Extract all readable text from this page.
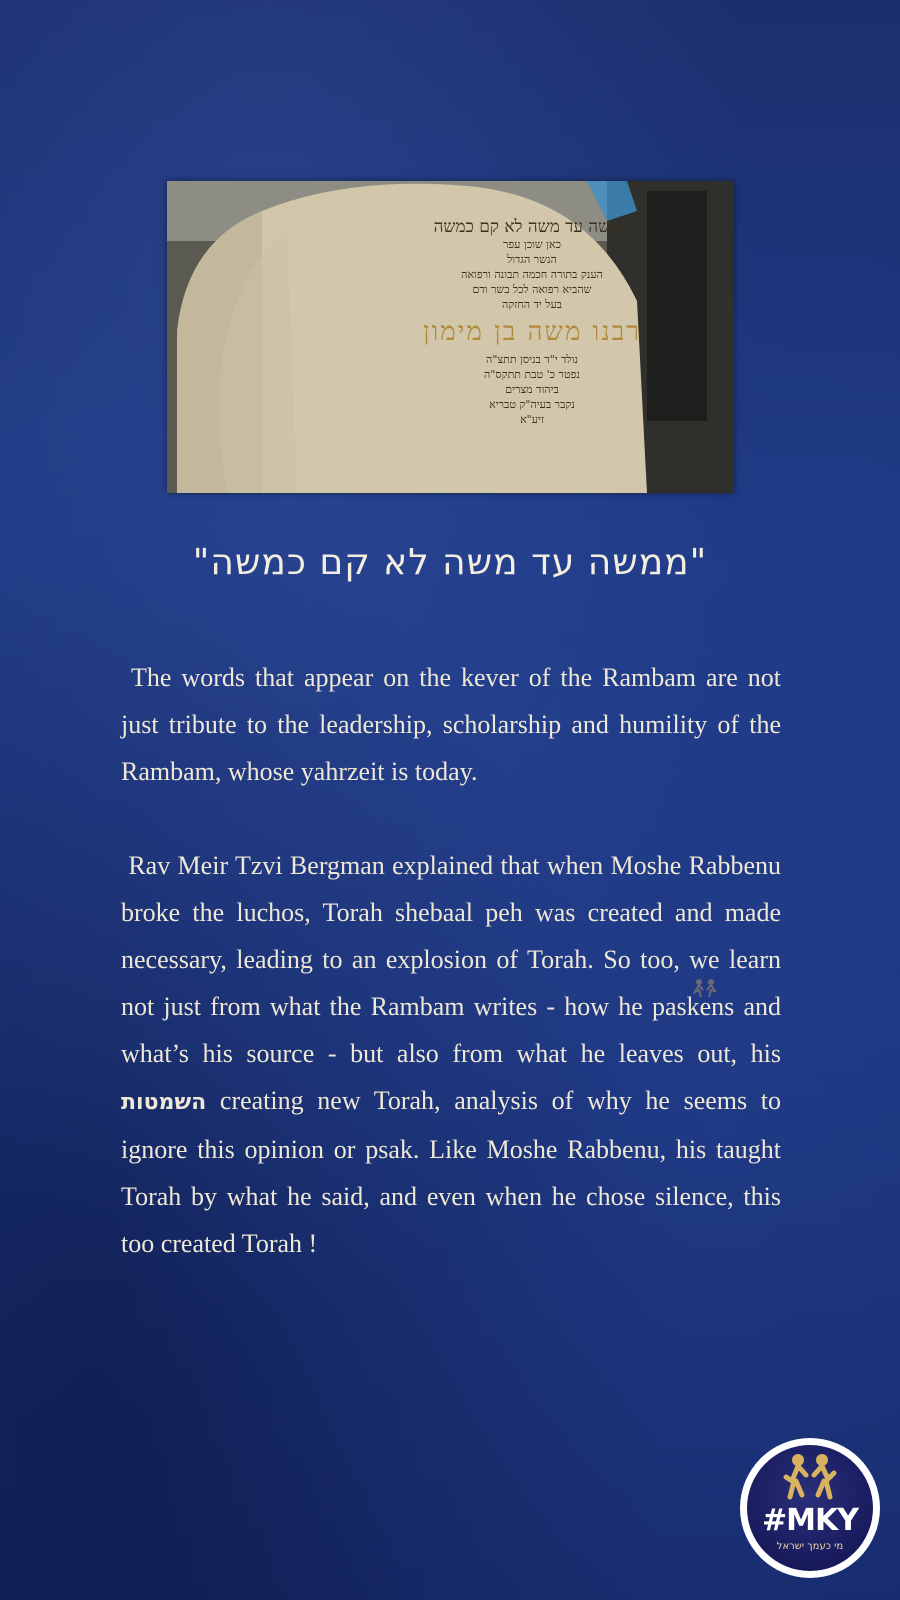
ממשה עד משה לא קם כמשה
כאן שוכן עפר
הנשר הגדול
הענק בתורה חכמה תבונה ורפואה
שהביא רפואה לכל בשר ודם
בעל יד החזקה
רבנו משה בן מימון
נולד י"ד בניסן תתצ"ה
נפטר כ' טבת תתקס"ה
ביהוד מצרים
נקבר בעיה"ק טבריא
זיע"א
"ממשה עד משה לא קם כמשה"

The words that appear on the kever of the Rambam are not just tribute to the leadership, scholarship and humility of the Rambam, whose yahrzeit is today.

Rav Meir Tzvi Bergman explained that when Moshe Rabbenu broke the luchos, Torah shebaal peh was created and made necessary, leading to an explosion of Torah. So too, we learn not just from what the Rambam writes - how he paskens and what’s his source - but also from what he leaves out, his השמטות creating new Torah, analysis of why he seems to ignore this opinion or psak. Like Moshe Rabbenu, his taught Torah by what he said, and even when he chose silence, this too created Torah !

#MKY
מי כעמך ישראל
